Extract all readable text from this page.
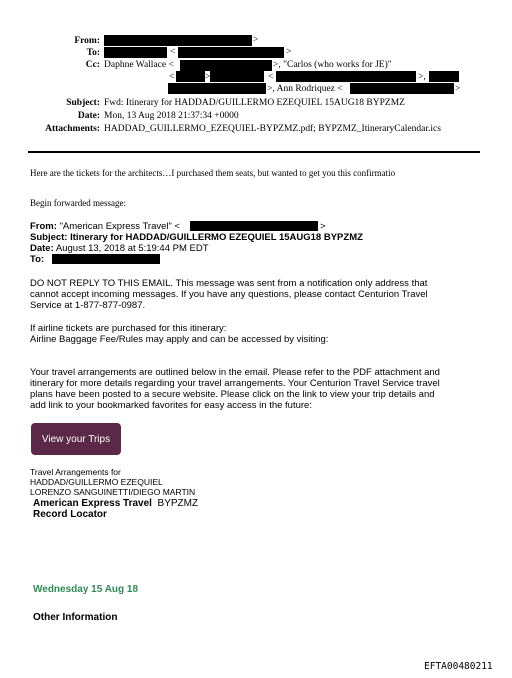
From:	>
To:	<	>
Cc: Daphne Wallace <	>, "Carlos (who works for JE)"
<	>	<	>,
>, Ann Rodriquez <	>
Subject: Fwd: Itinerary for HADDAD/GUILLERMO EZEQUIEL 15AUG18 BYPZMZ
Date: Mon, 13 Aug 2018 21:37:34 +0000
Attachments: HADDAD_GUILLERMO_EZEQUIEL-BYPZMZ.pdf; BYPZMZ_ItineraryCalendar.ics
Here are the tickets for the architects…I purchased them seats, but wanted to get you this confirmatio
Begin forwarded message:
From: "American Express Travel" <	>
Subject: Itinerary for HADDAD/GUILLERMO EZEQUIEL 15AUG18 BYPZMZ
Date: August 13, 2018 at 5:19:44 PM EDT
To:
DO NOT REPLY TO THIS EMAIL. This message was sent from a notification only address that
cannot accept incoming messages. If you have any questions, please contact Centurion Travel
Service at 1-877-877-0987.
If airline tickets are purchased for this itinerary:
Airline Baggage Fee/Rules may apply and can be accessed by visiting:
Your travel arrangements are outlined below in the email. Please refer to the PDF attachment and
itinerary for more details regarding your travel arrangements. Your Centurion Travel Service travel
plans have been posted to a secure website. Please click on the link to view your trip details and
add link to your bookmarked favorites for easy access in the future:
View your Trips
Travel Arrangements for
HADDAD/GUILLERMO EZEQUIEL
LORENZO SANGUINETTI/DIEGO MARTIN
American Express Travel BYPZMZ
Record Locator
Wednesday 15 Aug 18
Other Information
EFTA00480211
